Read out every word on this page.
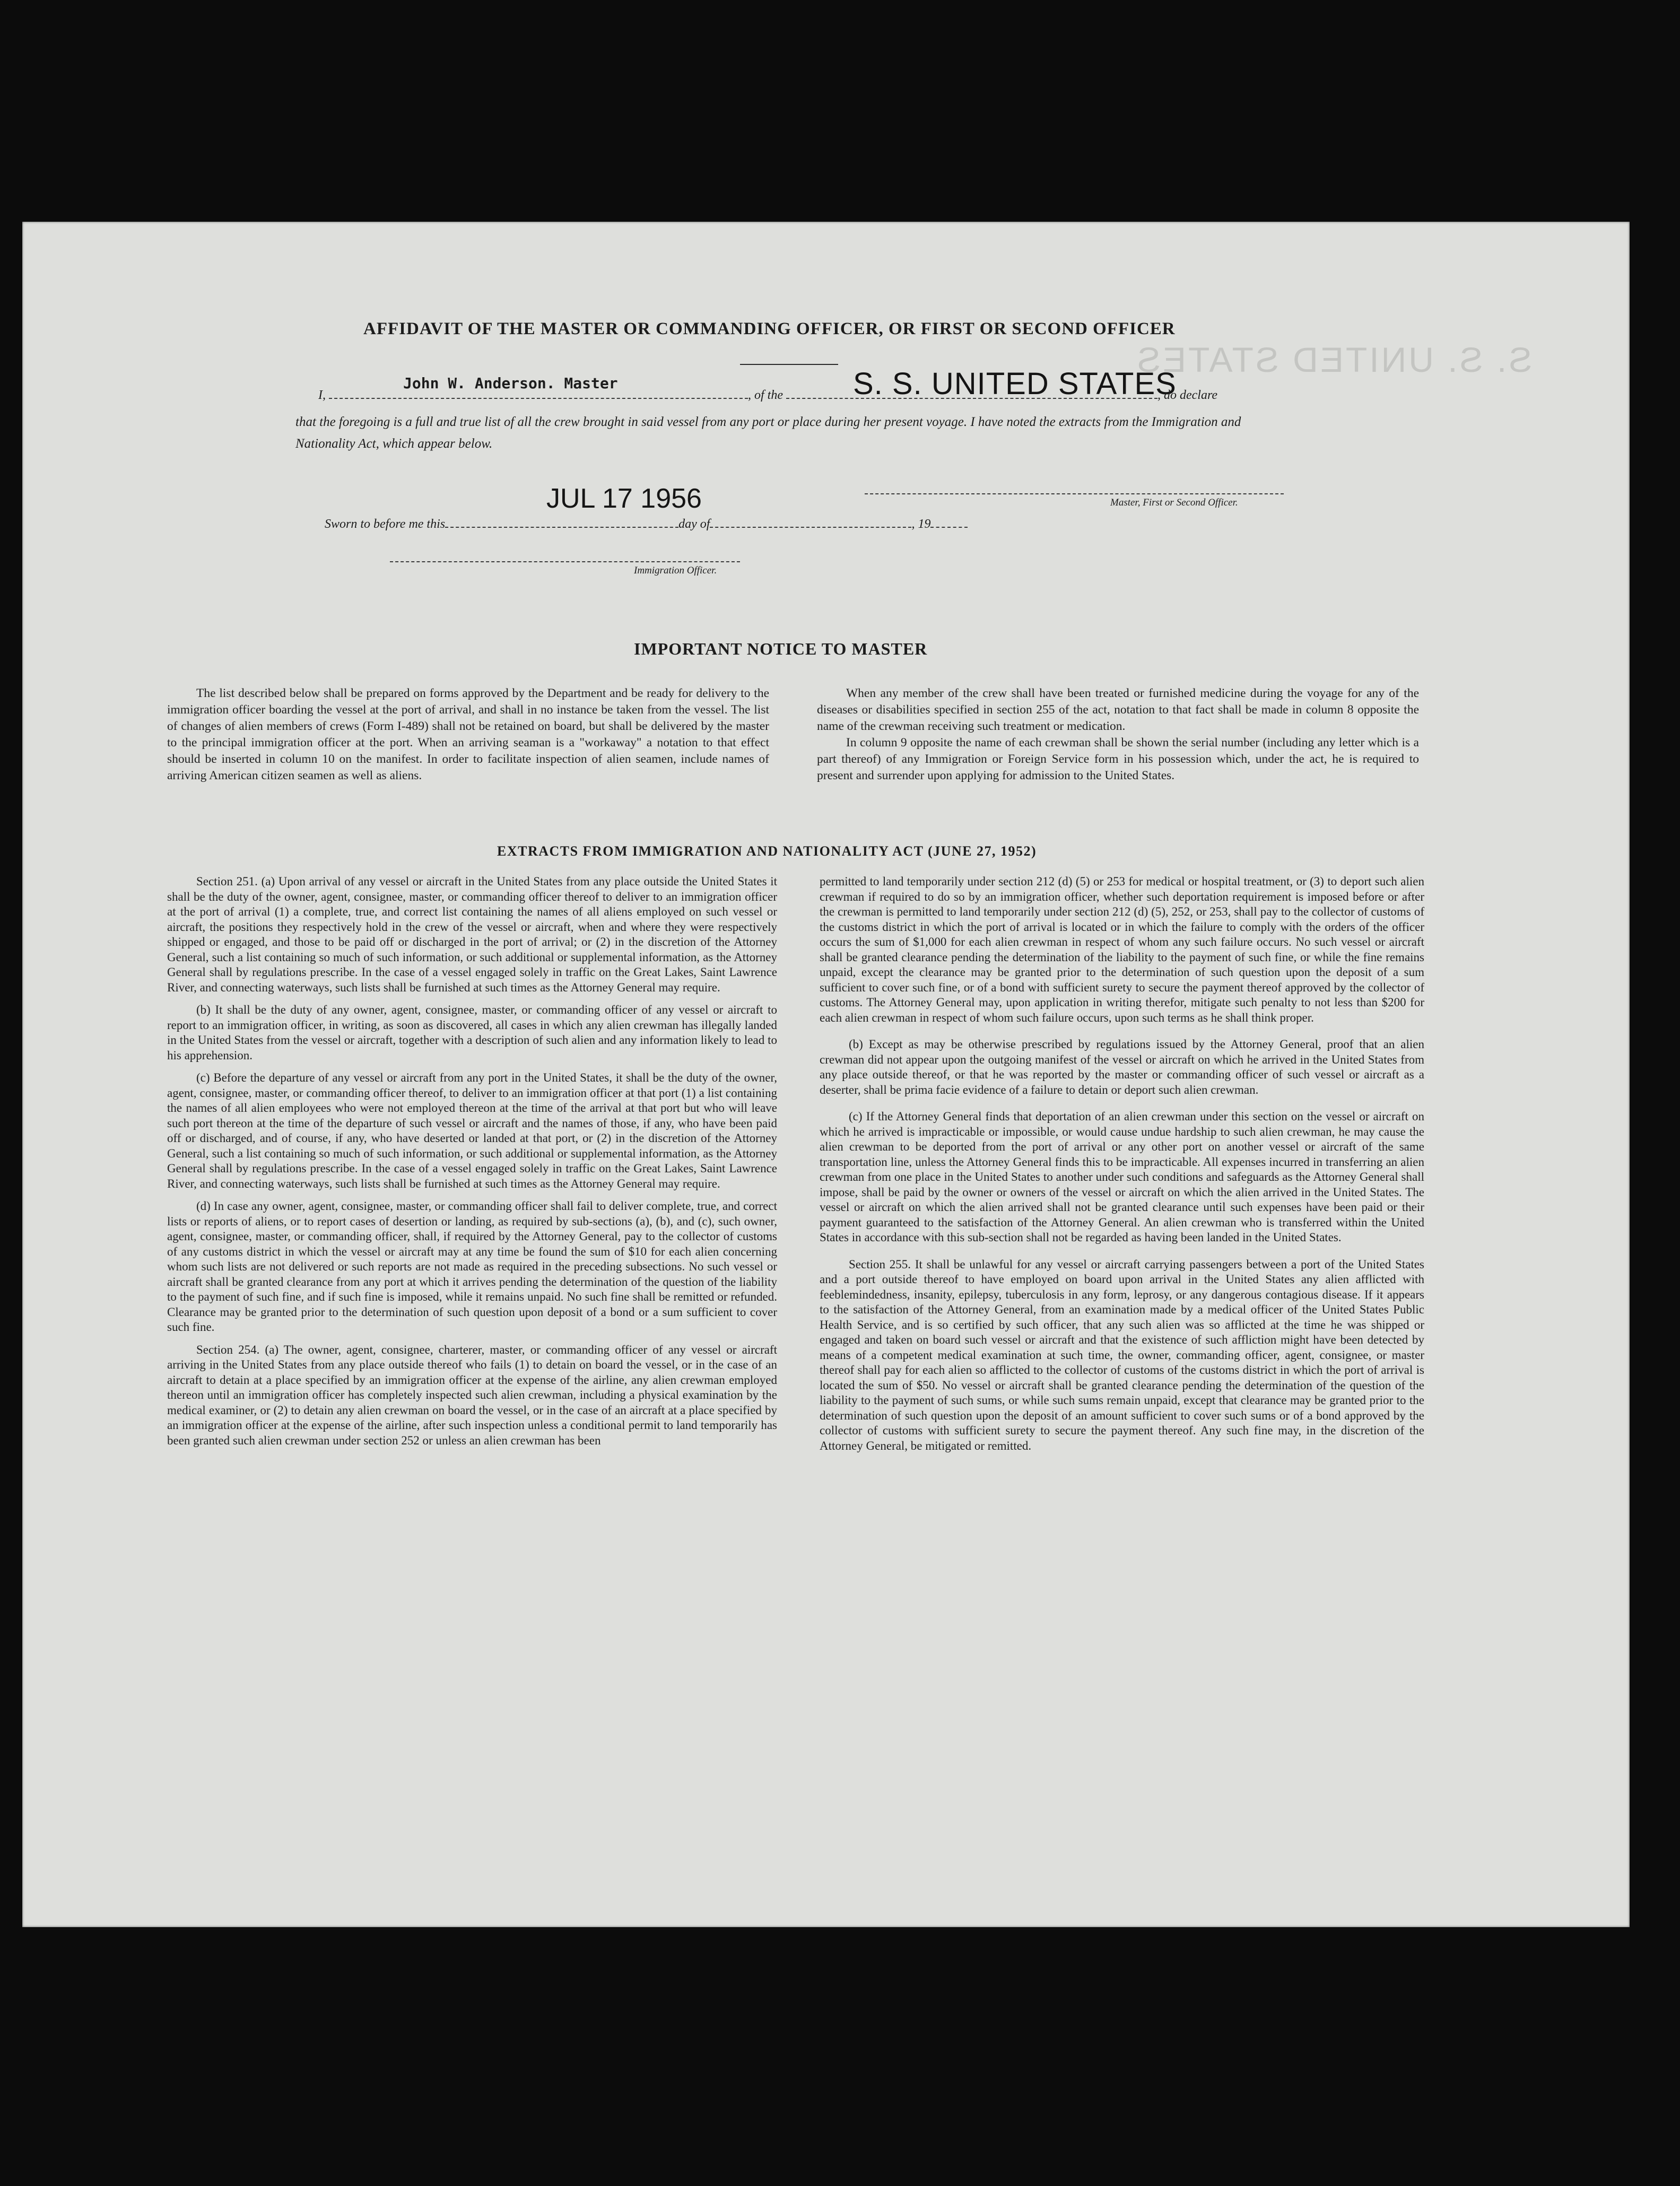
S. S. UNITED STATES
AFFIDAVIT OF THE MASTER OR COMMANDING OFFICER, OR FIRST OR SECOND OFFICER
John W. Anderson. Master	S. S. UNITED STATES
I,	, of the	, do declare
that the foregoing is a full and true list of all the crew brought in said vessel from any port or place during her present voyage. I have noted the extracts from the Immigration and Nationality Act, which appear below.
Master, First or Second Officer.
JUL 17 1956
Sworn to before me this	day of	, 19
Immigration Officer.
IMPORTANT NOTICE TO MASTER

The list described below shall be prepared on forms approved by the Department and be ready for delivery to the immigration officer boarding the vessel at the port of arrival, and shall in no instance be taken from the vessel. The list of changes of alien members of crews (Form I-489) shall not be retained on board, but shall be delivered by the master to the principal immigration officer at the port. When an arriving seaman is a "workaway" a notation to that effect should be inserted in column 10 on the manifest. In order to facilitate inspection of alien seamen, include names of arriving American citizen seamen as well as aliens.

When any member of the crew shall have been treated or furnished medicine during the voyage for any of the diseases or disabilities specified in section 255 of the act, notation to that fact shall be made in column 8 opposite the name of the crewman receiving such treatment or medication.

In column 9 opposite the name of each crewman shall be shown the serial number (including any letter which is a part thereof) of any Immigration or Foreign Service form in his possession which, under the act, he is required to present and surrender upon applying for admission to the United States.

EXTRACTS FROM IMMIGRATION AND NATIONALITY ACT (JUNE 27, 1952)

Section 251. (a) Upon arrival of any vessel or aircraft in the United States from any place outside the United States it shall be the duty of the owner, agent, consignee, master, or commanding officer thereof to deliver to an immigration officer at the port of arrival (1) a complete, true, and correct list containing the names of all aliens employed on such vessel or aircraft, the positions they respectively hold in the crew of the vessel or aircraft, when and where they were respectively shipped or engaged, and those to be paid off or discharged in the port of arrival; or (2) in the discretion of the Attorney General, such a list containing so much of such information, or such additional or supplemental information, as the Attorney General shall by regulations prescribe. In the case of a vessel engaged solely in traffic on the Great Lakes, Saint Lawrence River, and connecting waterways, such lists shall be furnished at such times as the Attorney General may require.

(b) It shall be the duty of any owner, agent, consignee, master, or commanding officer of any vessel or aircraft to report to an immigration officer, in writing, as soon as discovered, all cases in which any alien crewman has illegally landed in the United States from the vessel or aircraft, together with a description of such alien and any information likely to lead to his apprehension.

(c) Before the departure of any vessel or aircraft from any port in the United States, it shall be the duty of the owner, agent, consignee, master, or commanding officer thereof, to deliver to an immigration officer at that port (1) a list containing the names of all alien employees who were not employed thereon at the time of the arrival at that port but who will leave such port thereon at the time of the departure of such vessel or aircraft and the names of those, if any, who have been paid off or discharged, and of course, if any, who have deserted or landed at that port, or (2) in the discretion of the Attorney General, such a list containing so much of such information, or such additional or supplemental information, as the Attorney General shall by regulations prescribe. In the case of a vessel engaged solely in traffic on the Great Lakes, Saint Lawrence River, and connecting waterways, such lists shall be furnished at such times as the Attorney General may require.

(d) In case any owner, agent, consignee, master, or commanding officer shall fail to deliver complete, true, and correct lists or reports of aliens, or to report cases of desertion or landing, as required by sub-sections (a), (b), and (c), such owner, agent, consignee, master, or commanding officer, shall, if required by the Attorney General, pay to the collector of customs of any customs district in which the vessel or aircraft may at any time be found the sum of $10 for each alien concerning whom such lists are not delivered or such reports are not made as required in the preceding subsections. No such vessel or aircraft shall be granted clearance from any port at which it arrives pending the determination of the question of the liability to the payment of such fine, and if such fine is imposed, while it remains unpaid. No such fine shall be remitted or refunded. Clearance may be granted prior to the determination of such question upon deposit of a bond or a sum sufficient to cover such fine.

Section 254. (a) The owner, agent, consignee, charterer, master, or commanding officer of any vessel or aircraft arriving in the United States from any place outside thereof who fails (1) to detain on board the vessel, or in the case of an aircraft to detain at a place specified by an immigration officer at the expense of the airline, any alien crewman employed thereon until an immigration officer has completely inspected such alien crewman, including a physical examination by the medical examiner, or (2) to detain any alien crewman on board the vessel, or in the case of an aircraft at a place specified by an immigration officer at the expense of the airline, after such inspection unless a conditional permit to land temporarily has been granted such alien crewman under section 252 or unless an alien crewman has been

permitted to land temporarily under section 212 (d) (5) or 253 for medical or hospital treatment, or (3) to deport such alien crewman if required to do so by an immigration officer, whether such deportation requirement is imposed before or after the crewman is permitted to land temporarily under section 212 (d) (5), 252, or 253, shall pay to the collector of customs of the customs district in which the port of arrival is located or in which the failure to comply with the orders of the officer occurs the sum of $1,000 for each alien crewman in respect of whom any such failure occurs. No such vessel or aircraft shall be granted clearance pending the determination of the liability to the payment of such fine, or while the fine remains unpaid, except the clearance may be granted prior to the determination of such question upon the deposit of a sum sufficient to cover such fine, or of a bond with sufficient surety to secure the payment thereof approved by the collector of customs. The Attorney General may, upon application in writing therefor, mitigate such penalty to not less than $200 for each alien crewman in respect of whom such failure occurs, upon such terms as he shall think proper.

(b) Except as may be otherwise prescribed by regulations issued by the Attorney General, proof that an alien crewman did not appear upon the outgoing manifest of the vessel or aircraft on which he arrived in the United States from any place outside thereof, or that he was reported by the master or commanding officer of such vessel or aircraft as a deserter, shall be prima facie evidence of a failure to detain or deport such alien crewman.

(c) If the Attorney General finds that deportation of an alien crewman under this section on the vessel or aircraft on which he arrived is impracticable or impossible, or would cause undue hardship to such alien crewman, he may cause the alien crewman to be deported from the port of arrival or any other port on another vessel or aircraft of the same transportation line, unless the Attorney General finds this to be impracticable. All expenses incurred in transferring an alien crewman from one place in the United States to another under such conditions and safeguards as the Attorney General shall impose, shall be paid by the owner or owners of the vessel or aircraft on which the alien arrived in the United States. The vessel or aircraft on which the alien arrived shall not be granted clearance until such expenses have been paid or their payment guaranteed to the satisfaction of the Attorney General. An alien crewman who is transferred within the United States in accordance with this sub-section shall not be regarded as having been landed in the United States.

Section 255. It shall be unlawful for any vessel or aircraft carrying passengers between a port of the United States and a port outside thereof to have employed on board upon arrival in the United States any alien afflicted with feeblemindedness, insanity, epilepsy, tuberculosis in any form, leprosy, or any dangerous contagious disease. If it appears to the satisfaction of the Attorney General, from an examination made by a medical officer of the United States Public Health Service, and is so certified by such officer, that any such alien was so afflicted at the time he was shipped or engaged and taken on board such vessel or aircraft and that the existence of such affliction might have been detected by means of a competent medical examination at such time, the owner, commanding officer, agent, consignee, or master thereof shall pay for each alien so afflicted to the collector of customs of the customs district in which the port of arrival is located the sum of $50. No vessel or aircraft shall be granted clearance pending the determination of the question of the liability to the payment of such sums, or while such sums remain unpaid, except that clearance may be granted prior to the determination of such question upon the deposit of an amount sufficient to cover such sums or of a bond approved by the collector of customs with sufficient surety to secure the payment thereof. Any such fine may, in the discretion of the Attorney General, be mitigated or remitted.
